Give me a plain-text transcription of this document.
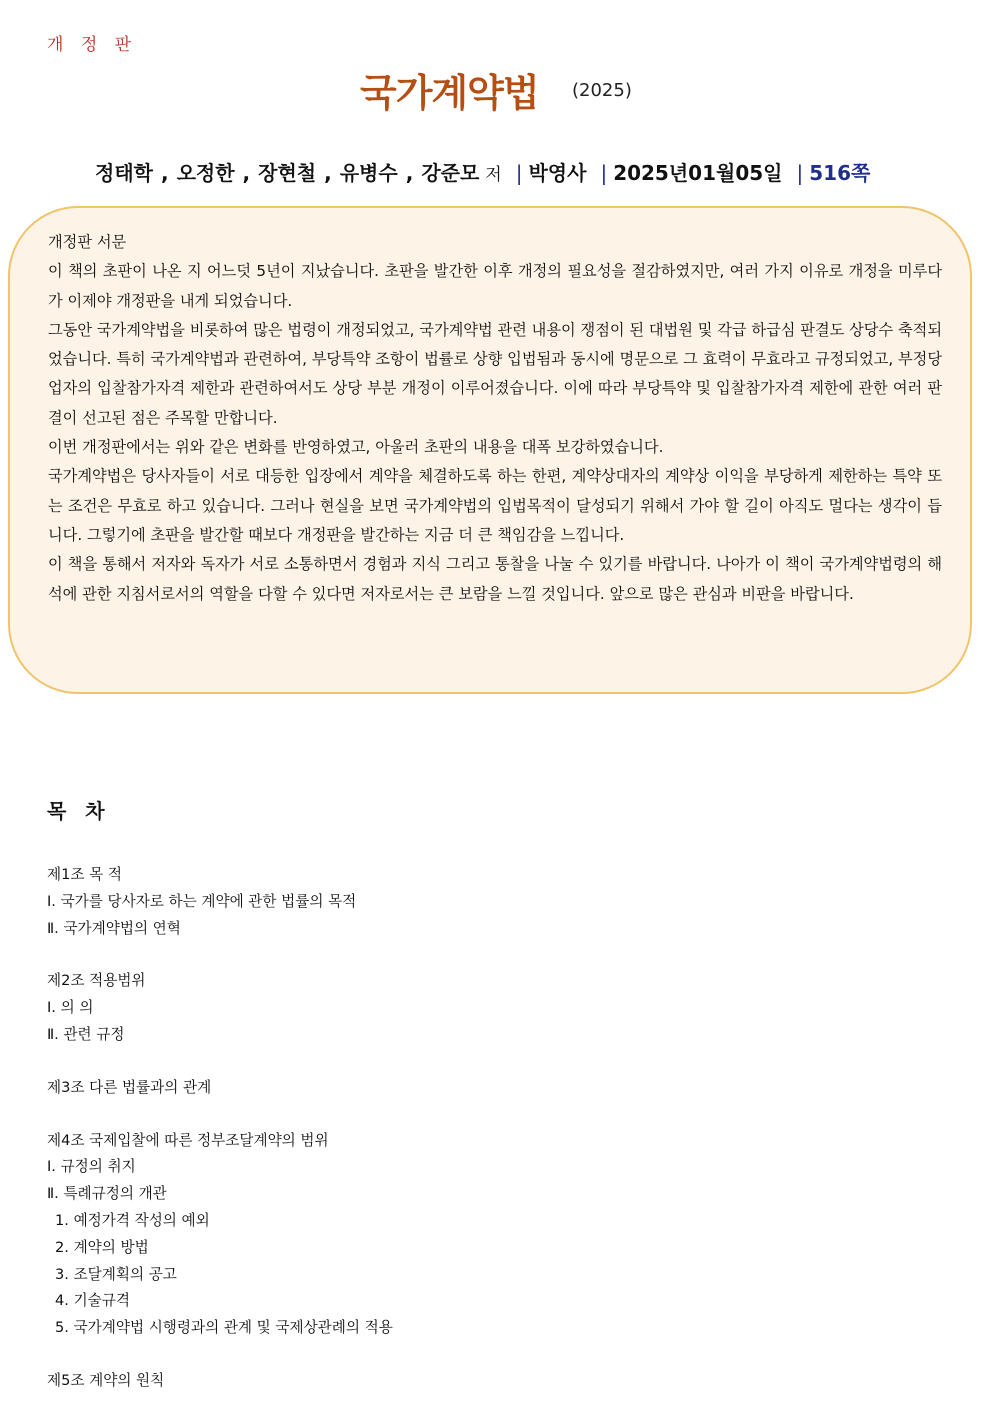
개 정 판
국가계약법 (2025)
정태학 , 오정한 , 장현철 , 유병수 , 강준모 저 | 박영사 | 2025년01월05일 | 516쪽

개정판 서문

이 책의 초판이 나온 지 어느덧 5년이 지났습니다. 초판을 발간한 이후 개정의 필요성을 절감하였지만, 여러 가지 이유로 개정을 미루다가 이제야 개정판을 내게 되었습니다.

그동안 국가계약법을 비롯하여 많은 법령이 개정되었고, 국가계약법 관련 내용이 쟁점이 된 대법원 및 각급 하급심 판결도 상당수 축적되었습니다. 특히 국가계약법과 관련하여, 부당특약 조항이 법률로 상향 입법됨과 동시에 명문으로 그 효력이 무효라고 규정되었고, 부정당업자의 입찰참가자격 제한과 관련하여서도 상당 부분 개정이 이루어졌습니다. 이에 따라 부당특약 및 입찰참가자격 제한에 관한 여러 판결이 선고된 점은 주목할 만합니다.

이번 개정판에서는 위와 같은 변화를 반영하였고, 아울러 초판의 내용을 대폭 보강하였습니다.

국가계약법은 당사자들이 서로 대등한 입장에서 계약을 체결하도록 하는 한편, 계약상대자의 계약상 이익을 부당하게 제한하는 특약 또는 조건은 무효로 하고 있습니다. 그러나 현실을 보면 국가계약법의 입법목적이 달성되기 위해서 가야 할 길이 아직도 멀다는 생각이 듭니다. 그렇기에 초판을 발간할 때보다 개정판을 발간하는 지금 더 큰 책임감을 느낍니다.

이 책을 통해서 저자와 독자가 서로 소통하면서 경험과 지식 그리고 통찰을 나눌 수 있기를 바랍니다. 나아가 이 책이 국가계약법령의 해석에 관한 지침서로서의 역할을 다할 수 있다면 저자로서는 큰 보람을 느낄 것입니다. 앞으로 많은 관심과 비판을 바랍니다.

목 차
제1조 목 적
Ⅰ. 국가를 당사자로 하는 계약에 관한 법률의 목적
Ⅱ. 국가계약법의 연혁
제2조 적용범위
Ⅰ. 의 의
Ⅱ. 관련 규정
제3조 다른 법률과의 관계
제4조 국제입찰에 따른 정부조달계약의 범위
Ⅰ. 규정의 취지
Ⅱ. 특례규정의 개관
1. 예정가격 작성의 예외
2. 계약의 방법
3. 조달계획의 공고
4. 기술규격
5. 국가계약법 시행령과의 관계 및 국제상관례의 적용
제5조 계약의 원칙
